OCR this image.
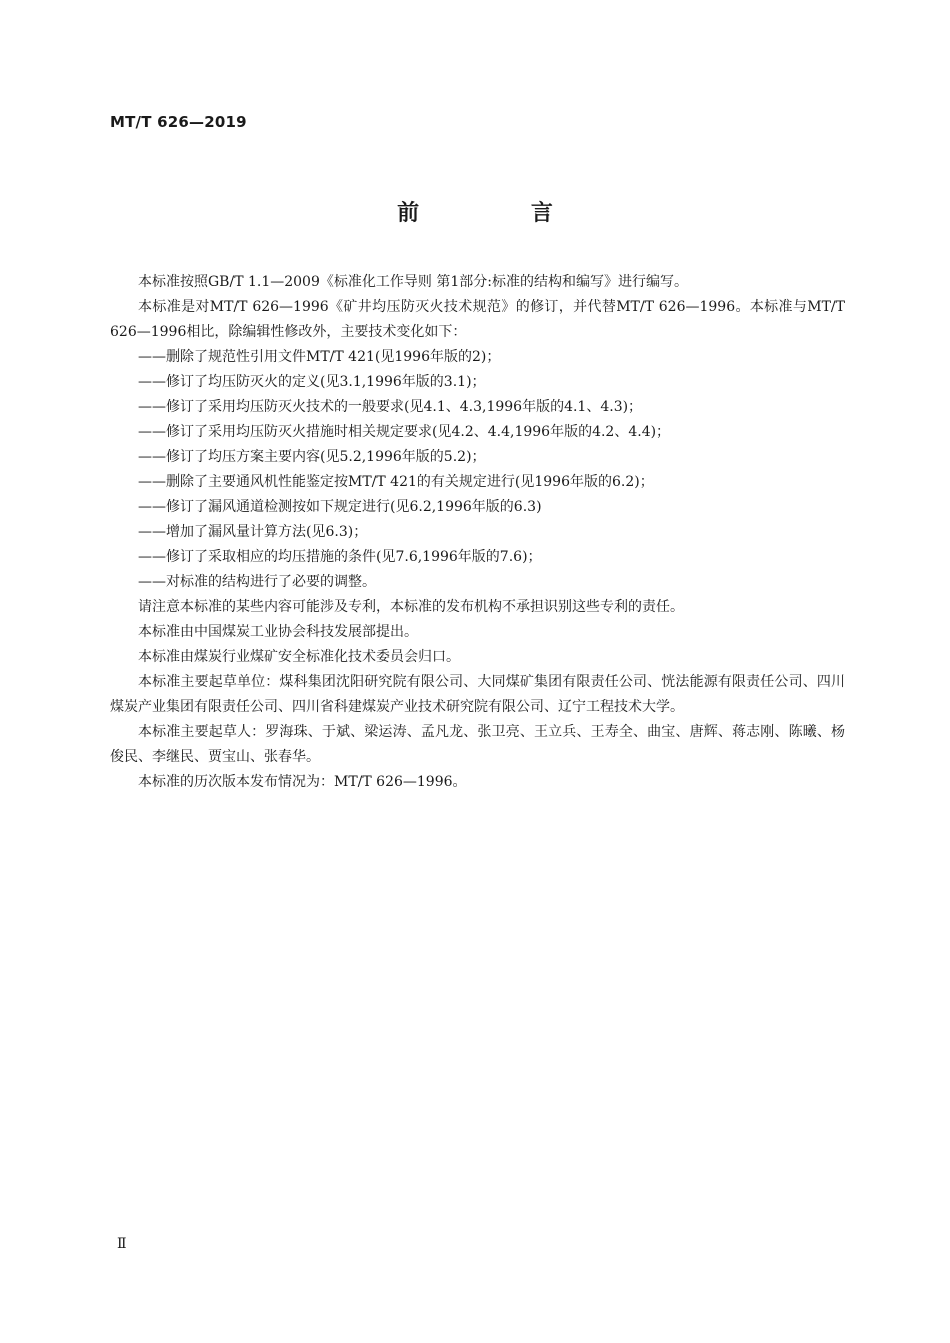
MT/T 626—2019
前 言

本标准按照GB/T 1.1—2009《标准化工作导则 第1部分:标准的结构和编写》进行编写。

本标准是对MT/T 626—1996《矿井均压防灭火技术规范》的修订，并代替MT/T 626—1996。本标准与MT/T 626—1996相比，除编辑性修改外，主要技术变化如下：

——删除了规范性引用文件MT/T 421(见1996年版的2)；
——修订了均压防灭火的定义(见3.1,1996年版的3.1)；
——修订了采用均压防灭火技术的一般要求(见4.1、4.3,1996年版的4.1、4.3)；
——修订了采用均压防灭火措施时相关规定要求(见4.2、4.4,1996年版的4.2、4.4)；
——修订了均压方案主要内容(见5.2,1996年版的5.2)；
——删除了主要通风机性能鉴定按MT/T 421的有关规定进行(见1996年版的6.2)；
——修订了漏风通道检测按如下规定进行(见6.2,1996年版的6.3)
——增加了漏风量计算方法(见6.3)；
——修订了采取相应的均压措施的条件(见7.6,1996年版的7.6)；
——对标准的结构进行了必要的调整。

请注意本标准的某些内容可能涉及专利，本标准的发布机构不承担识别这些专利的责任。

本标准由中国煤炭工业协会科技发展部提出。

本标准由煤炭行业煤矿安全标准化技术委员会归口。

本标准主要起草单位：煤科集团沈阳研究院有限公司、大同煤矿集团有限责任公司、恍法能源有限责任公司、四川煤炭产业集团有限责任公司、四川省科建煤炭产业技术研究院有限公司、辽宁工程技术大学。

本标准主要起草人：罗海珠、于斌、梁运涛、孟凡龙、张卫亮、王立兵、王寿全、曲宝、唐辉、蒋志刚、陈曦、杨俊民、李继民、贾宝山、张春华。

本标准的历次版本发布情况为：MT/T 626—1996。

Ⅱ
